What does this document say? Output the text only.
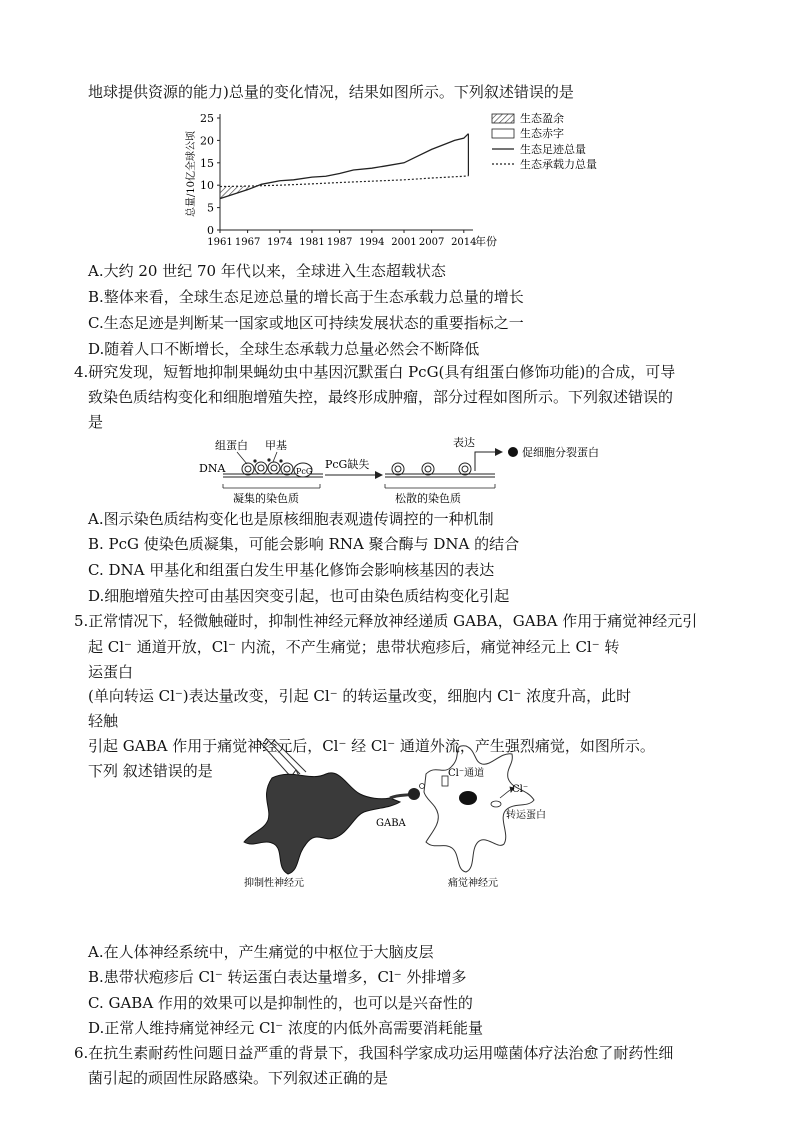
地球提供资源的能力)总量的变化情况，结果如图所示。下列叙述错误的是
0
5
10
15
20
25
1961 1967 1974 1981 1987 1994 2001 2007 2014
年份
总量/10亿全球公顷
生态盈余
生态赤字
生态足迹总量
生态承载力总量
A.大约 20 世纪 70 年代以来，全球进入生态超载状态
B.整体来看，全球生态足迹总量的增长高于生态承载力总量的增长
C.生态足迹是判断某一国家或地区可持续发展状态的重要指标之一
D.随着人口不断增长，全球生态承载力总量必然会不断降低
4.研究发现，短暂地抑制果蝇幼虫中基因沉默蛋白 PcG(具有组蛋白修饰功能)的合成，可导
致染色质结构变化和细胞增殖失控，最终形成肿瘤，部分过程如图所示。下列叙述错误的
是
组蛋白 甲基
DNA	PcG
凝集的染色质
PcG缺失
表达
促细胞分裂蛋白
松散的染色质
A.图示染色质结构变化也是原核细胞表观遗传调控的一种机制
B. PcG 使染色质凝集，可能会影响 RNA 聚合酶与 DNA 的结合
C. DNA 甲基化和组蛋白发生甲基化修饰会影响核基因的表达
D.细胞增殖失控可由基因突变引起，也可由染色质结构变化引起
Cl⁻通道
Cl⁻
转运蛋白
GABA
抑制性神经元	痛觉神经元
5.正常情况下，轻微触碰时，抑制性神经元释放神经递质 GABA，GABA 作用于痛觉神经元引
起 Cl⁻ 通道开放，Cl⁻ 内流，不产生痛觉；患带状疱疹后，痛觉神经元上 Cl⁻ 转
运蛋白
(单向转运 Cl⁻)表达量改变，引起 Cl⁻ 的转运量改变，细胞内 Cl⁻ 浓度升高，此时
轻触
引起 GABA 作用于痛觉神经元后，Cl⁻ 经 Cl⁻ 通道外流，产生强烈痛觉，如图所示。
下列 叙述错误的是
A.在人体神经系统中，产生痛觉的中枢位于大脑皮层
B.患带状疱疹后 Cl⁻ 转运蛋白表达量增多，Cl⁻ 外排增多
C. GABA 作用的效果可以是抑制性的，也可以是兴奋性的
D.正常人维持痛觉神经元 Cl⁻ 浓度的内低外高需要消耗能量
6.在抗生素耐药性问题日益严重的背景下，我国科学家成功运用噬菌体疗法治愈了耐药性细
菌引起的顽固性尿路感染。下列叙述正确的是
